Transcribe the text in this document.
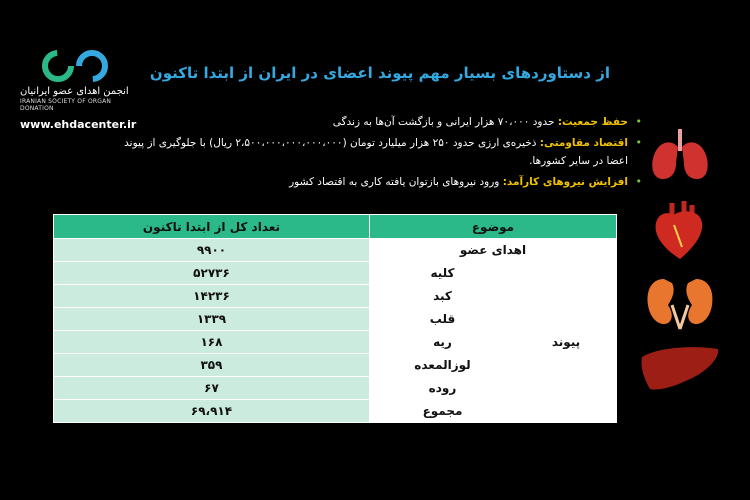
انجمن اهدای عضو ایرانیان
IRANIAN SOCIETY OF ORGAN DONATION
www.ehdacenter.ir
از دستاوردهای بسیار مهم پیوند اعضای در ایران از ابتدا تاکنون
•
حفظ جمعیت: حدود ۷۰،۰۰۰ هزار ایرانی و بازگشت آن‌ها به زندگی
•
اقتصاد مقاومتی: ذخیره‌ی ارزی حدود ۲۵۰ هزار میلیارد تومان (۲،۵۰۰،۰۰۰،۰۰۰،۰۰۰،۰۰۰ ریال) با جلوگیری از پیوند اعضا در سایر کشورها.
•
افزایش نیروهای کارآمد: ورود نیروهای بازتوان یافته کاری به اقتصاد کشور
موضوع		تعداد کل از ابتدا تاکنون
اهدای عضو		۹۹۰۰
پیوند	کلیه	۵۲۷۳۶
	کبد	۱۴۲۳۶
	قلب	۱۳۳۹
	ریه	۱۶۸
	لوزالمعده	۳۵۹
	روده	۶۷
	مجموع	۶۹،۹۱۴
